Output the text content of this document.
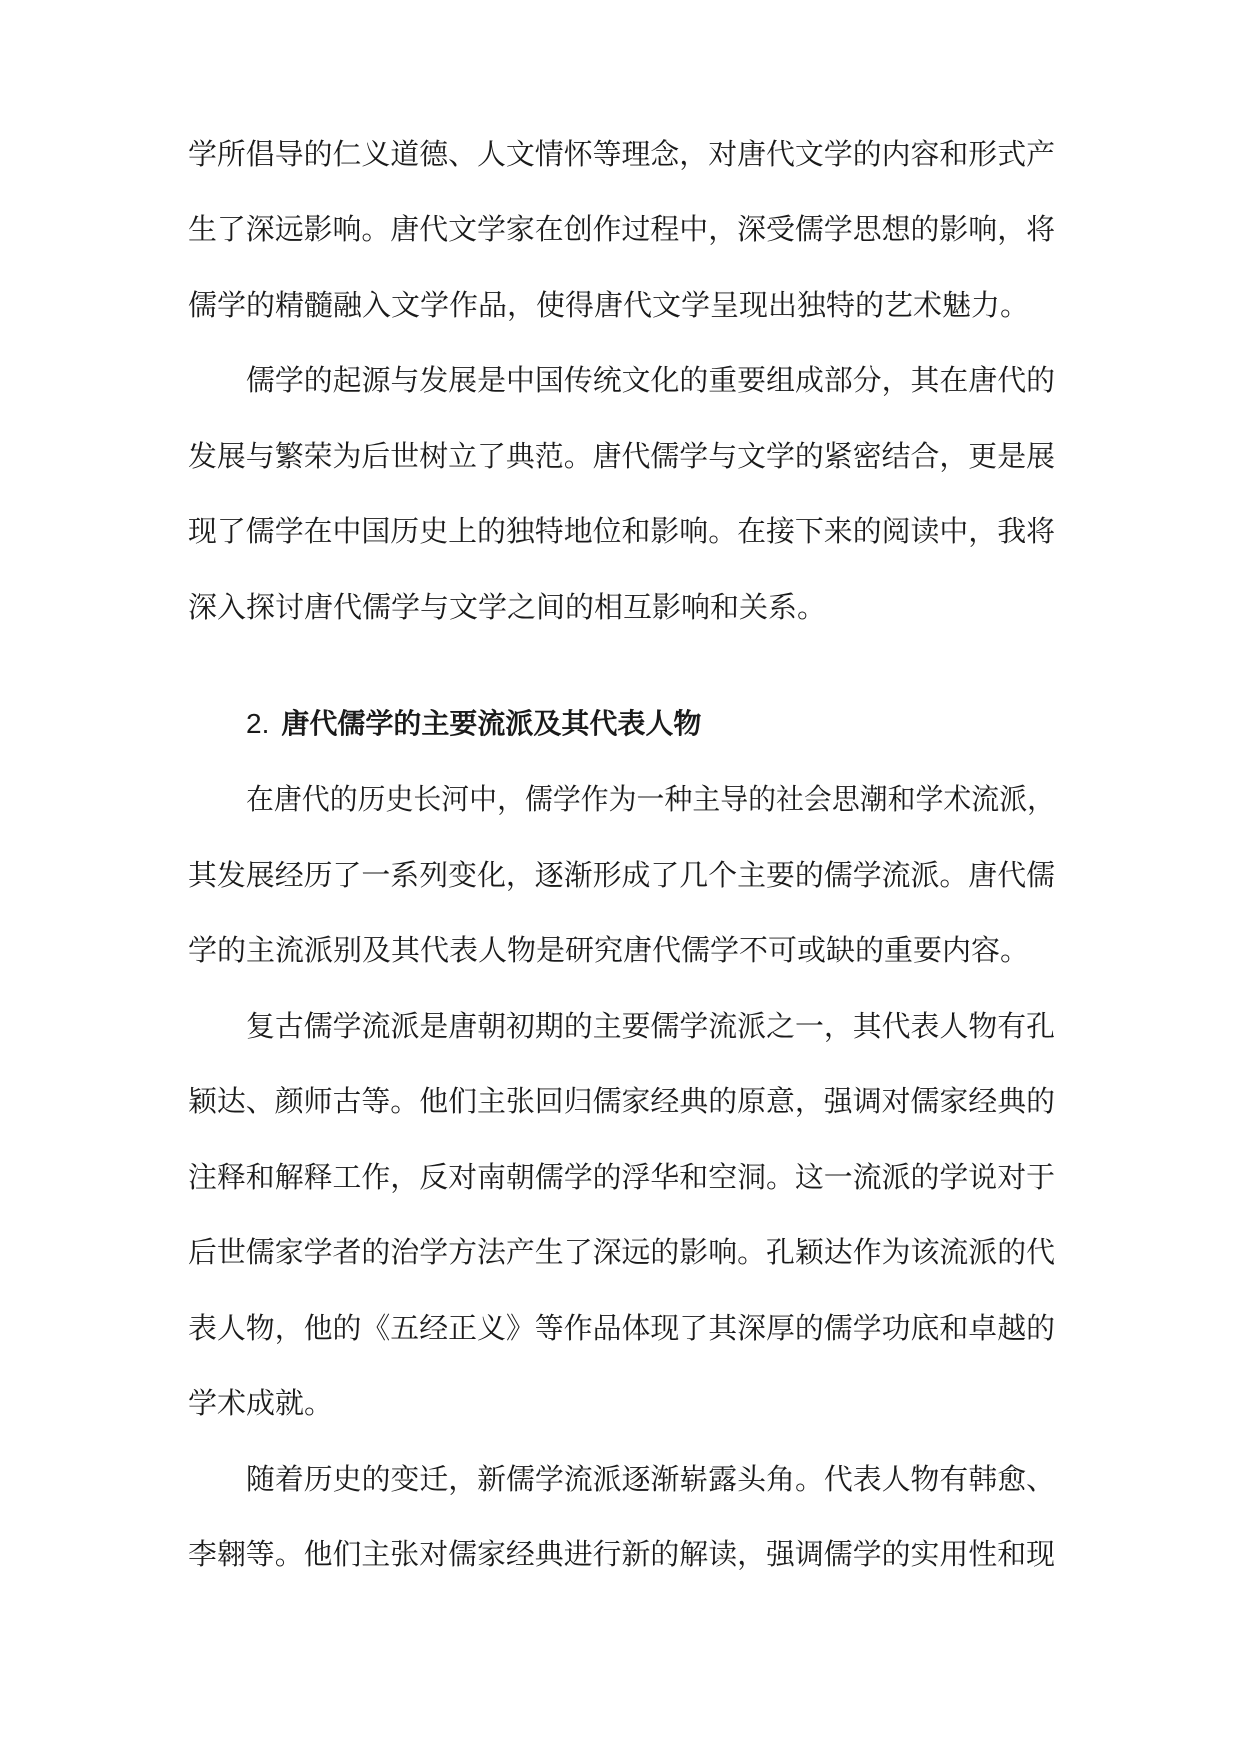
学所倡导的仁义道德、人文情怀等理念，对唐代文学的内容和形式产
生了深远影响。唐代文学家在创作过程中，深受儒学思想的影响，将
儒学的精髓融入文学作品，使得唐代文学呈现出独特的艺术魅力。
儒学的起源与发展是中国传统文化的重要组成部分，其在唐代的
发展与繁荣为后世树立了典范。唐代儒学与文学的紧密结合，更是展
现了儒学在中国历史上的独特地位和影响。在接下来的阅读中，我将
深入探讨唐代儒学与文学之间的相互影响和关系。
2. 唐代儒学的主要流派及其代表人物
在唐代的历史长河中，儒学作为一种主导的社会思潮和学术流派，
其发展经历了一系列变化，逐渐形成了几个主要的儒学流派。唐代儒
学的主流派别及其代表人物是研究唐代儒学不可或缺的重要内容。
复古儒学流派是唐朝初期的主要儒学流派之一，其代表人物有孔
颖达、颜师古等。他们主张回归儒家经典的原意，强调对儒家经典的
注释和解释工作，反对南朝儒学的浮华和空洞。这一流派的学说对于
后世儒家学者的治学方法产生了深远的影响。孔颖达作为该流派的代
表人物，他的《五经正义》等作品体现了其深厚的儒学功底和卓越的
学术成就。
随着历史的变迁，新儒学流派逐渐崭露头角。代表人物有韩愈、
李翱等。他们主张对儒家经典进行新的解读，强调儒学的实用性和现
